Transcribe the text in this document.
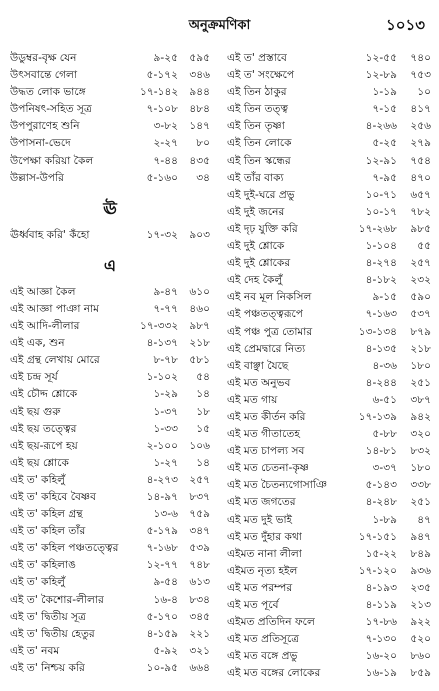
অনুক্রমণিকা	১০১৩
উডুম্বর-বৃক্ষ যেন	৯-২৫	৫৯৫
উৎসবান্তে গেলা	৫-১৭২	৩৪৬
উদ্ধত লোক ভাঙ্গে	১৭-১৪২	৯৪৪
উপনিষৎ-সহিত সূত্র	৭-১০৮	৪৮৪
উপপুরাণেহ শুনি	৩-৮২	১৪৭
উপাসনা-ভেদে	২-২৭	৮০
উপেক্ষা করিয়া কৈল	৭-৪৪	৪৩৫
উল্লাস-উপরি	৫-১৬০	৩৪
ঊ
ঊর্ধ্ববাহ করি' কঁহো	১৭-৩২	৯০৩
এ
এই আজ্ঞা কৈল	৯-৪৭	৬১০
এই আজ্ঞা পাঞা নাম	৭-৭৭	৪৬০
এই আদি-লীলার	১৭-৩৩২	৯৮৭
এই এক, শুন	৪-১৩৭	২১৮
এই গ্রন্থ লেখায় মোরে	৮-৭৮	৫৮১
এই চন্দ্র সূর্য	১-১০২	৫৪
এই চৌদ্দ শ্লোকে	১-২৯	১৪
এই ছয় গুরু	১-৩৭	১৮
এই ছয় তত্ত্বের	১-৩৩	১৫
এই ছয়-রূপে হয়	২-১০০	১০৬
এই ছয় শ্লোকে	১-২৭	১৪
এই ত' কহিলুঁ	৪-২৭৩	২৫৭
এই ত' কহিবে বৈষ্ণব	১৪-৯৭	৮৩৭
এই ত' কহিল গ্রন্থ	১৩-৬	৭৫৯
এই ত' কহিল তাঁর	৫-১৭৯	৩৪৭
এই ত' কহিল পঞ্চতত্ত্বের	৭-১৬৮	৫৩৯
এই ত' কহিলাঙ	১২-৭৭	৭৪৮
এই ত' কহিলুঁ	৯-৫৪	৬১৩
এই ত' কৈশোর-লীলার	১৬-৪	৮৩৪
এই ত' দ্বিতীয় সূত্র	৫-১৭০	৩৪৫
এই ত' দ্বিতীয় হেতুর	৪-১৫৯	২২১
এই ত' নবম	৫-৯২	৩২১
এই ত' নিশ্চয় করি	১০-৯৫	৬৬৪
এই ত' প্রস্তাবে	১২-৫৫	৭৪০
এই ত' সংক্ষেপে	১২-৮৯	৭৫৩
এই তিন ঠাকুর	১-১৯	১০
এই তিন তত্ত্ব	৭-১৫	৪১৭
এই তিন তৃষ্ণা	৪-২৬৬	২৫৬
এই তিন লোকে	৫-২৫	২৭৯
এই তিন স্কন্ধের	১২-৯১	৭৫৪
এই তাঁর বাক্য	৭-৯৫	৪৭০
এই দুই-ঘরে প্রভু	১০-৭১	৬৫৭
এই দুই জনের	১০-১৭	৭৮২
এই দৃঢ় যুক্তি করি	১৭-২৬৮	৯৮৫
এই দুই শ্লোকে	১-১০৪	৫৫
এই দুই শ্লোকের	৪-২৭৪	২৫৭
এই দেহ কৈলুঁ	৪-১৮২	২৩২
এই নব মূল নিকসিল	৯-১৫	৫৯০
এই পঞ্চতত্ত্বরূপে	৭-১৬৩	৫৩৭
এই পঞ্চ পুত্র তোমার	১৩-১৩৪	৮৭৯
এই প্রেমদ্বারে নিত্য	৪-১৩৫	২১৮
এই বাঞ্ছা যৈছে	৪-৩৬	১৮০
এই মত অনুভব	৪-২৪৪	২৫১
এই মত গায়	৬-৫১	৩৮৭
এই মত কীর্তন করি	১৭-১৩৯	৯৪২
এই মত গীতাতেহ	৫-৮৮	৩২০
এই মত চাপল্য সব	১৪-৮১	৮৩২
এই মত চেতনা-কৃষ্ণ	৩-৩৭	১৮০
এই মত চৈতন্যগোসাঞি	৫-১৪৩	৩৩৮
এই মত জগতের	৪-২৪৮	২৫১
এই মত দুই ভাই	১-৮৯	৪৭
এই মত দুঁহার কথা	১৭-১৫১	৯৪৭
এইমত নানা লীলা	১৫-২২	৮৪৯
এইমত নৃত্য হইল	১৭-১২০	৯৩৬
এই মত পরম্পর	৪-১৯৩	২৩৫
এই মত পূর্বে	৪-১১৯	২১৩
এইমত প্রতিদিন ফলে	১৭-৮৬	৯২২
এই মত প্রতিসূত্রে	৭-১৩০	৫২০
এই মত বঙ্গে প্রভু	১৬-২০	৮৬০
এই মত বঙ্গের লোকের	১৬-১৯	৮৫৯
